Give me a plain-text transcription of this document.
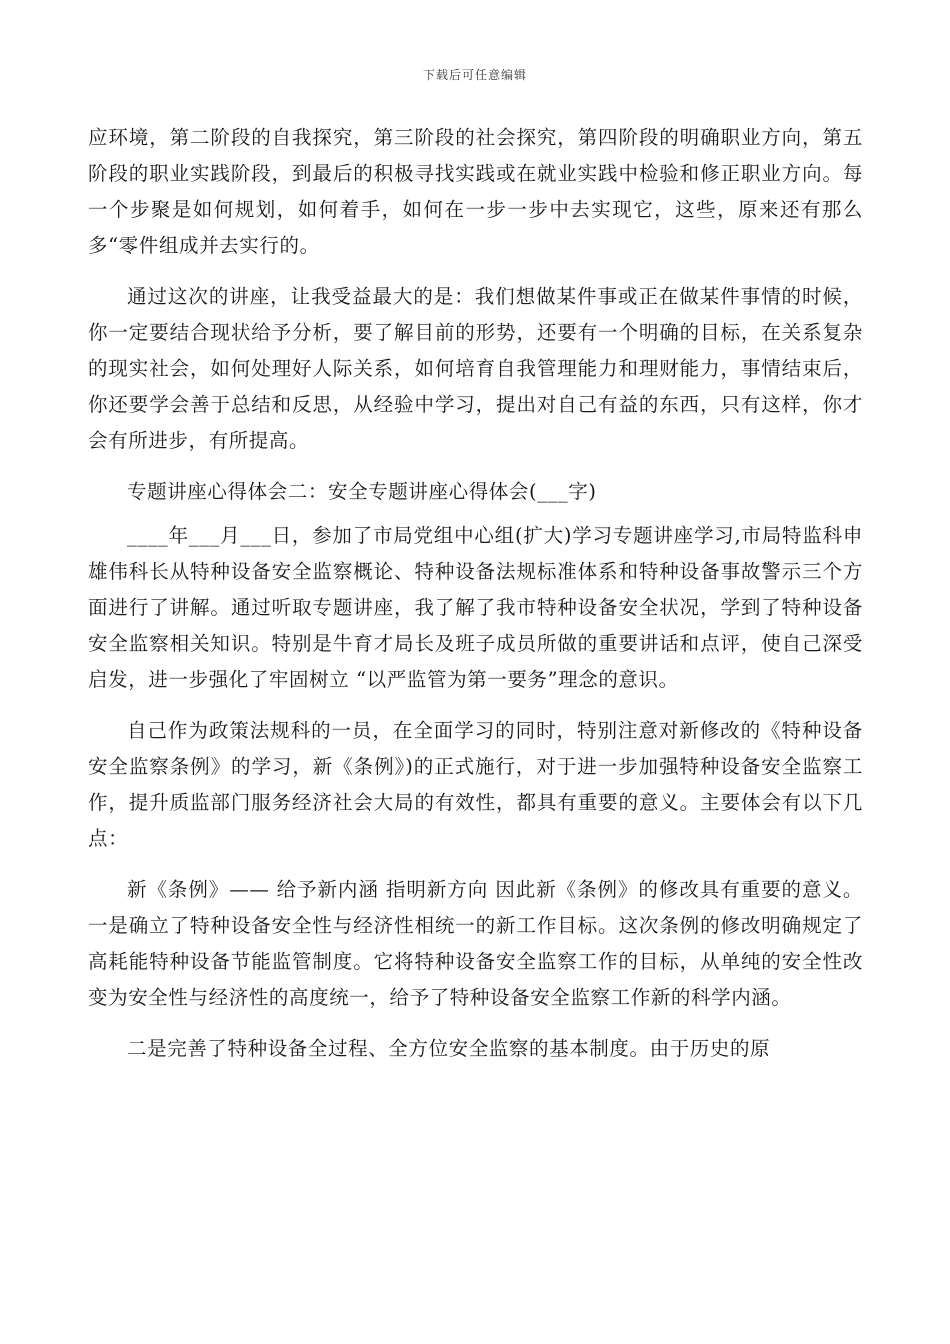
下载后可任意编辑

应环境，第二阶段的自我探究，第三阶段的社会探究，第四阶段的明确职业方向，第五阶段的职业实践阶段，到最后的积极寻找实践或在就业实践中检验和修正职业方向。每一个步聚是如何规划，如何着手，如何在一步一步中去实现它，这些，原来还有那么多“零件组成并去实行的。

通过这次的讲座，让我受益最大的是：我们想做某件事或正在做某件事情的时候，你一定要结合现状给予分析，要了解目前的形势，还要有一个明确的目标，在关系复杂的现实社会，如何处理好人际关系，如何培育自我管理能力和理财能力，事情结束后，你还要学会善于总结和反思，从经验中学习，提出对自己有益的东西，只有这样，你才会有所进步，有所提高。

专题讲座心得体会二：安全专题讲座心得体会(___字)

____年___月___日，参加了市局党组中心组(扩大)学习专题讲座学习,市局特监科申雄伟科长从特种设备安全监察概论、特种设备法规标准体系和特种设备事故警示三个方面进行了讲解。通过听取专题讲座，我了解了我市特种设备安全状况，学到了特种设备安全监察相关知识。特别是牛育才局长及班子成员所做的重要讲话和点评，使自己深受启发，进一步强化了牢固树立 “以严监管为第一要务”理念的意识。

自己作为政策法规科的一员，在全面学习的同时，特别注意对新修改的《特种设备安全监察条例》的学习，新《条例》)的正式施行，对于进一步加强特种设备安全监察工作，提升质监部门服务经济社会大局的有效性，都具有重要的意义。主要体会有以下几点：

新《条例》—— 给予新内涵 指明新方向 因此新《条例》的修改具有重要的意义。一是确立了特种设备安全性与经济性相统一的新工作目标。这次条例的修改明确规定了高耗能特种设备节能监管制度。它将特种设备安全监察工作的目标，从单纯的安全性改变为安全性与经济性的高度统一，给予了特种设备安全监察工作新的科学内涵。

二是完善了特种设备全过程、全方位安全监察的基本制度。由于历史的原
